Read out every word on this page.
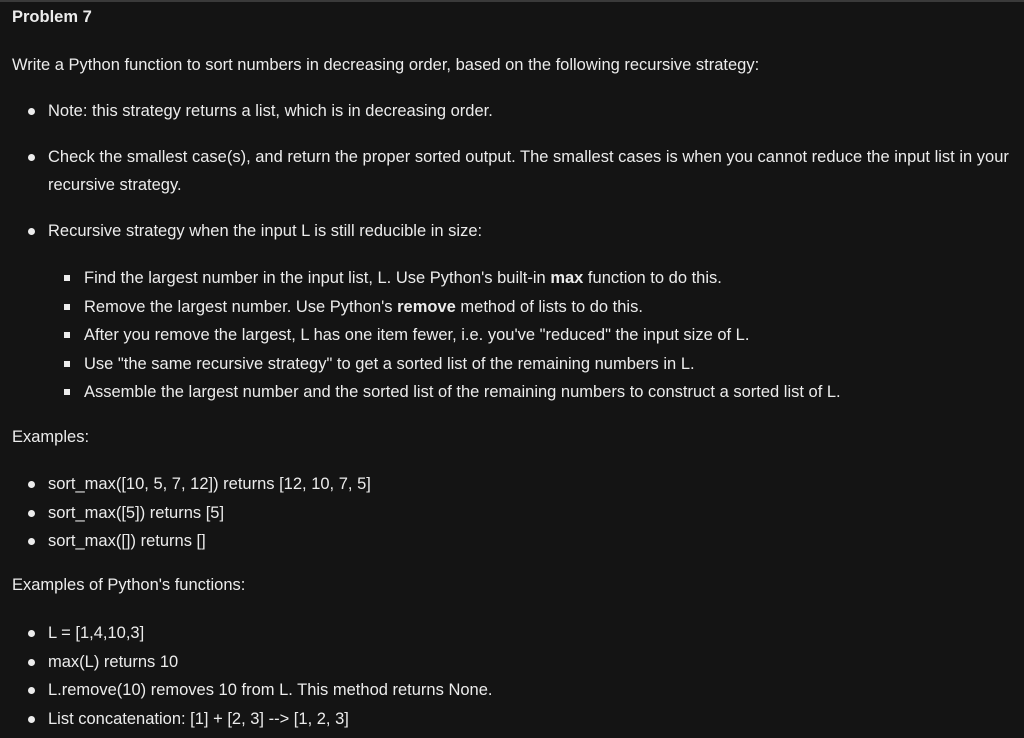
Problem 7
Write a Python function to sort numbers in decreasing order, based on the following recursive strategy:
Note: this strategy returns a list, which is in decreasing order.
Check the smallest case(s), and return the proper sorted output. The smallest cases is when you cannot reduce the input list in your recursive strategy.
Recursive strategy when the input L is still reducible in size:
Find the largest number in the input list, L. Use Python's built-in max function to do this.
Remove the largest number. Use Python's remove method of lists to do this.
After you remove the largest, L has one item fewer, i.e. you've "reduced" the input size of L.
Use "the same recursive strategy" to get a sorted list of the remaining numbers in L.
Assemble the largest number and the sorted list of the remaining numbers to construct a sorted list of L.
Examples:
sort_max([10, 5, 7, 12]) returns [12, 10, 7, 5]
sort_max([5]) returns [5]
sort_max([]) returns []
Examples of Python's functions:
L = [1,4,10,3]
max(L) returns 10
L.remove(10) removes 10 from L. This method returns None.
List concatenation: [1] + [2, 3] --> [1, 2, 3]
